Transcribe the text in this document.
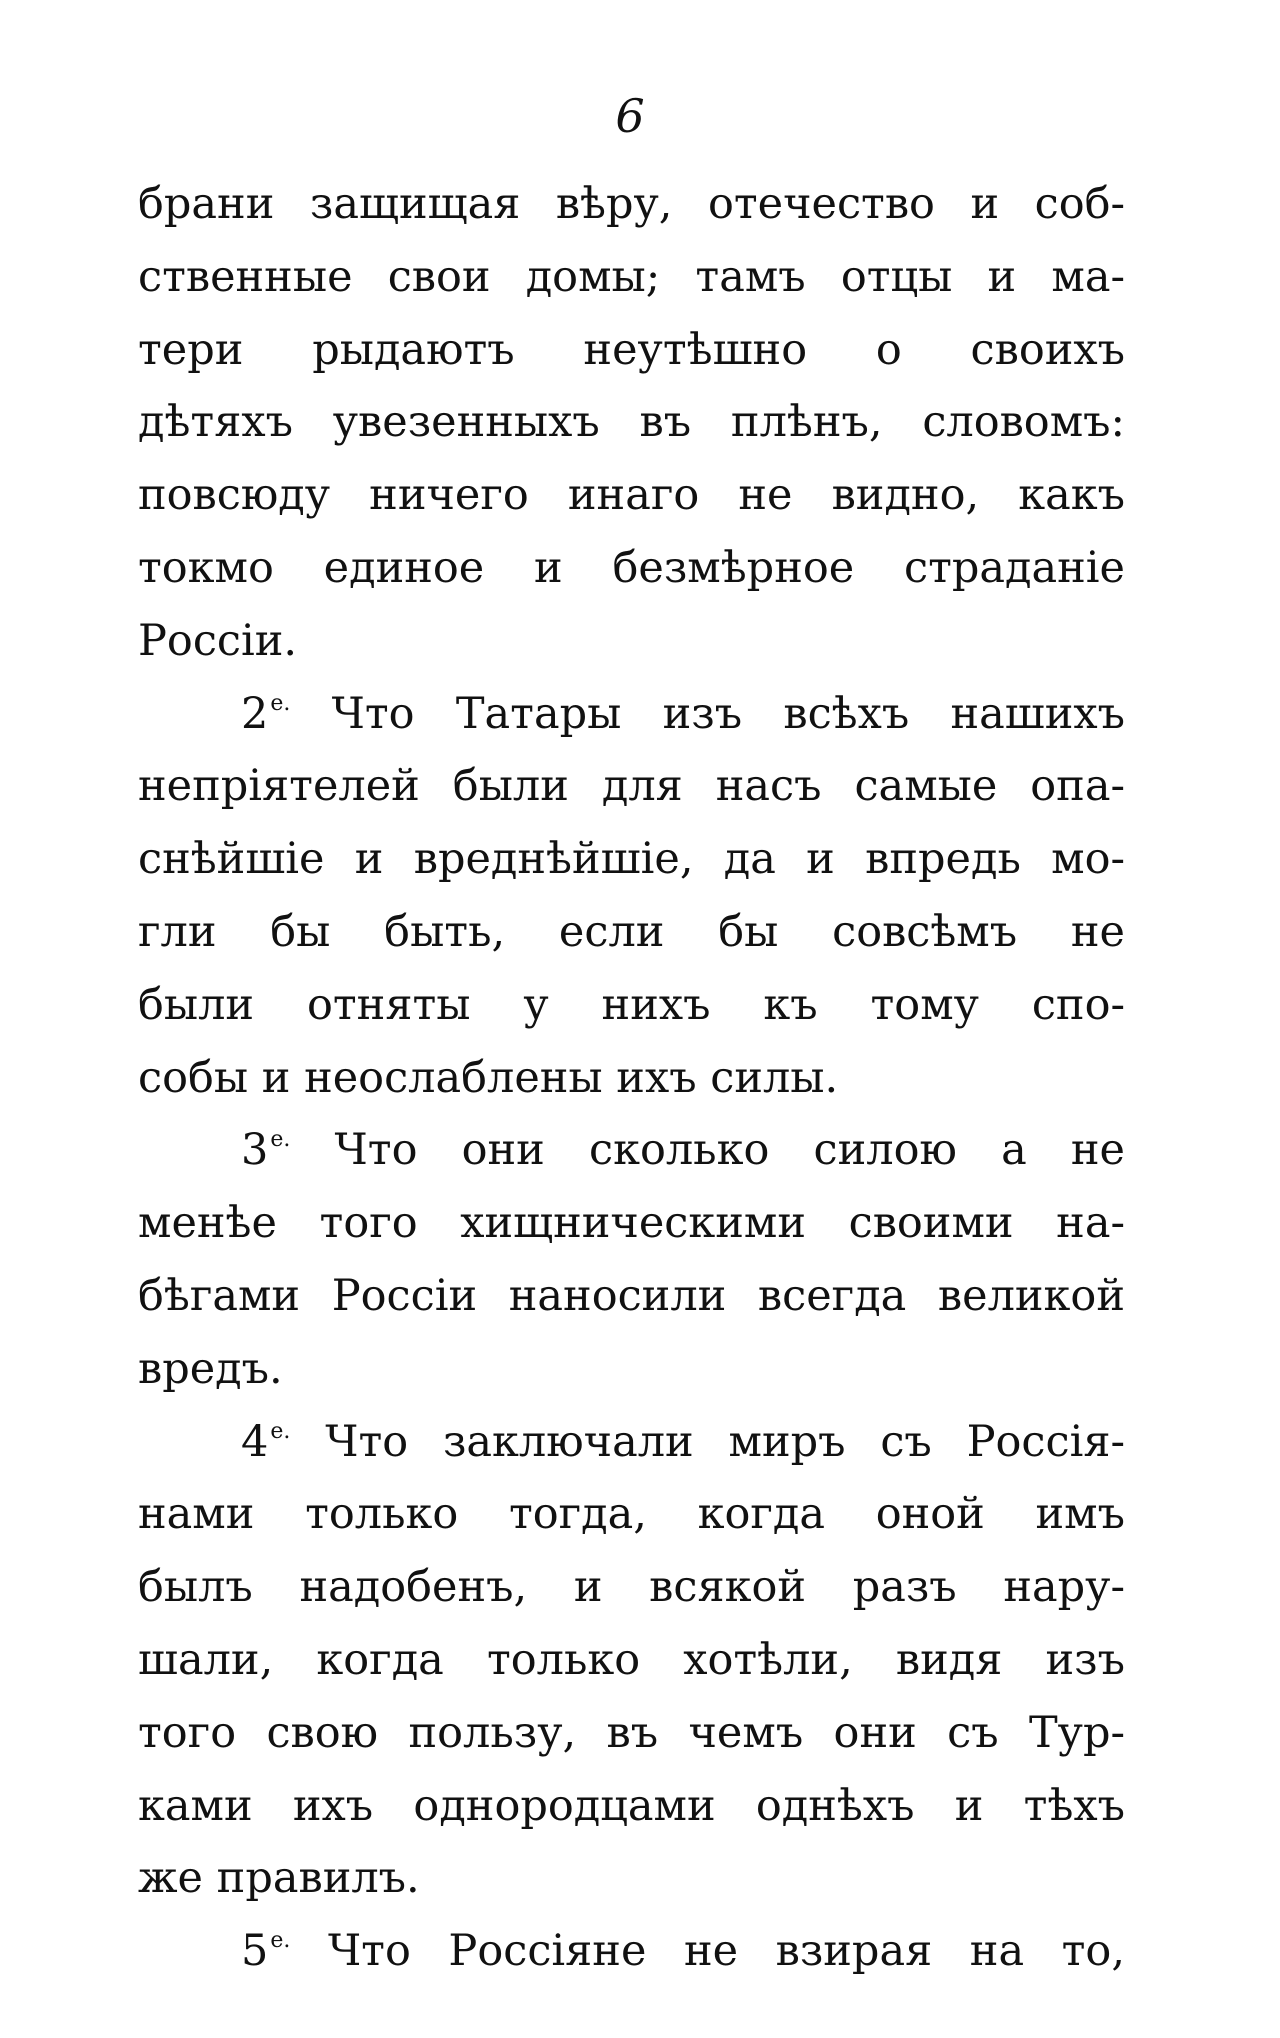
6
брани защищая вѣру, отечество и соб-
ственные свои домы; тамъ отцы и ма-
тери рыдаютъ неутѣшно о своихъ
дѣтяхъ увезенныхъ въ плѣнъ, словомъ:
повсюду ничего инаго не видно, какъ
токмо единое и безмѣрное страданіе
Россіи.
$2^{е.}$ Что Татары изъ всѣхъ нашихъ
непріятелей были для насъ самые опа-
снѣйшіе и вреднѣйшіе, да и впредь мо-
гли бы быть, если бы совсѣмъ не
были отняты у нихъ къ тому спо-
собы и неослаблены ихъ силы.
$3^{е.}$ Что они сколько силою а не
менѣе того хищническими своими на-
бѣгами Россіи наносили всегда великой
вредъ.
$4^{е.}$ Что заключали миръ съ Россія-
нами только тогда, когда оной имъ
былъ надобенъ, и всякой разъ нару-
шали, когда только хотѣли, видя изъ
того свою пользу, въ чемъ они съ Тур-
ками ихъ однородцами однѣхъ и тѣхъ
же правилъ.
$5^{е.}$ Что Россіяне не взирая на то,
